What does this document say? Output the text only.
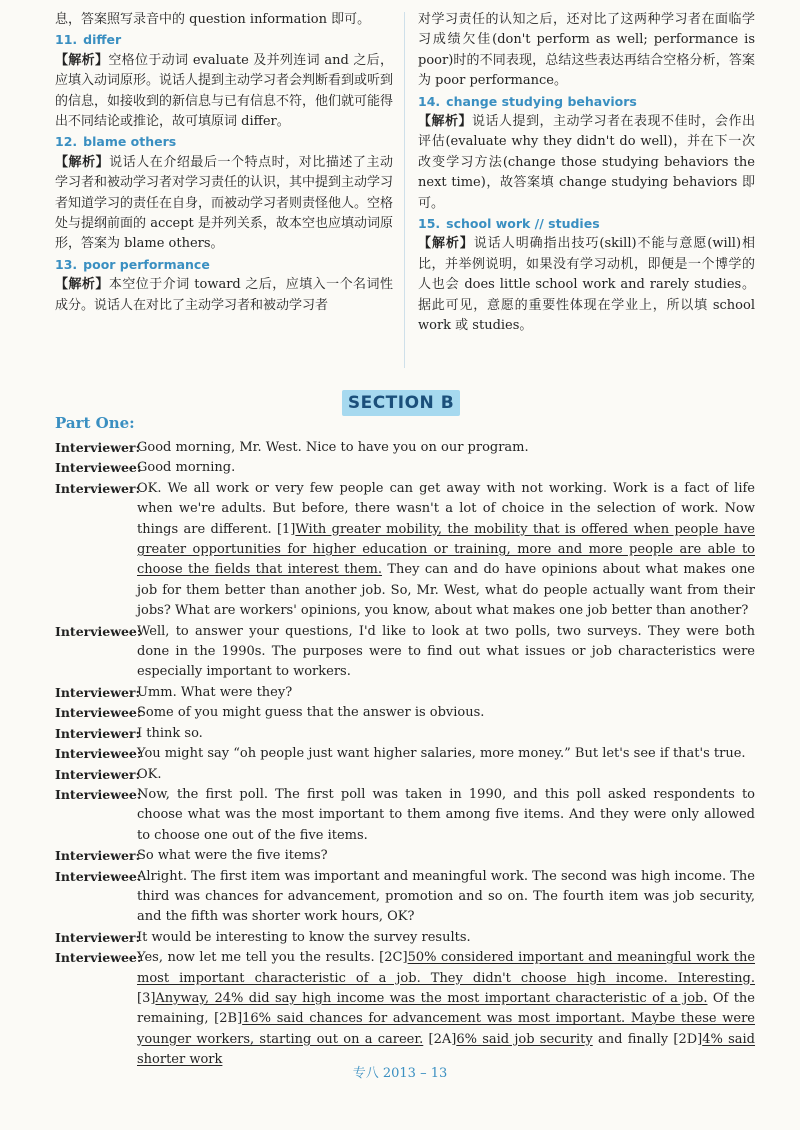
息，答案照写录音中的 question information 即可。

11. differ

【解析】空格位于动词 evaluate 及并列连词 and 之后，应填入动词原形。说话人提到主动学习者会判断看到或听到的信息，如接收到的新信息与已有信息不符，他们就可能得出不同结论或推论，故可填原词 differ。

12. blame others

【解析】说话人在介绍最后一个特点时，对比描述了主动学习者和被动学习者对学习责任的认识，其中提到主动学习者知道学习的责任在自身，而被动学习者则责怪他人。空格处与提纲前面的 accept 是并列关系，故本空也应填动词原形，答案为 blame others。

13. poor performance

【解析】本空位于介词 toward 之后，应填入一个名词性成分。说话人在对比了主动学习者和被动学习者

对学习责任的认知之后，还对比了这两种学习者在面临学习成绩欠佳(don't perform as well; performance is poor)时的不同表现，总结这些表达再结合空格分析，答案为 poor performance。

14. change studying behaviors

【解析】说话人提到，主动学习者在表现不佳时，会作出评估(evaluate why they didn't do well)，并在下一次改变学习方法(change those studying behaviors the next time)，故答案填 change studying behaviors 即可。

15. school work // studies

【解析】说话人明确指出技巧(skill)不能与意愿(will)相比，并举例说明，如果没有学习动机，即便是一个博学的人也会 does little school work and rarely studies。据此可见，意愿的重要性体现在学业上，所以填 school work 或 studies。

SECTION B
Part One:
Interviewer:
Good morning, Mr. West. Nice to have you on our program.
Interviewee:
Good morning.
Interviewer:
OK. We all work or very few people can get away with not working. Work is a fact of life when we're adults. But before, there wasn't a lot of choice in the selection of work. Now things are different. [1]With greater mobility, the mobility that is offered when people have greater opportunities for higher education or training, more and more people are able to choose the fields that interest them. They can and do have opinions about what makes one job for them better than another job. So, Mr. West, what do people actually want from their jobs? What are workers' opinions, you know, about what makes one job better than another?
Interviewee:
Well, to answer your questions, I'd like to look at two polls, two surveys. They were both done in the 1990s. The purposes were to find out what issues or job characteristics were especially important to workers.
Interviewer:
Umm. What were they?
Interviewee:
Some of you might guess that the answer is obvious.
Interviewer:
I think so.
Interviewee:
You might say “oh people just want higher salaries, more money.” But let's see if that's true.
Interviewer:
OK.
Interviewee:
Now, the first poll. The first poll was taken in 1990, and this poll asked respondents to choose what was the most important to them among five items. And they were only allowed to choose one out of the five items.
Interviewer:
So what were the five items?
Interviewee:
Alright. The first item was important and meaningful work. The second was high income. The third was chances for advancement, promotion and so on. The fourth item was job security, and the fifth was shorter work hours, OK?
Interviewer:
It would be interesting to know the survey results.
Interviewee:
Yes, now let me tell you the results. [2C]50% considered important and meaningful work the most important characteristic of a job. They didn't choose high income. Interesting. [3]Anyway, 24% did say high income was the most important characteristic of a job. Of the remaining, [2B]16% said chances for advancement was most important. Maybe these were younger workers, starting out on a career. [2A]6% said job security and finally [2D]4% said shorter work
专八 2013 – 13
